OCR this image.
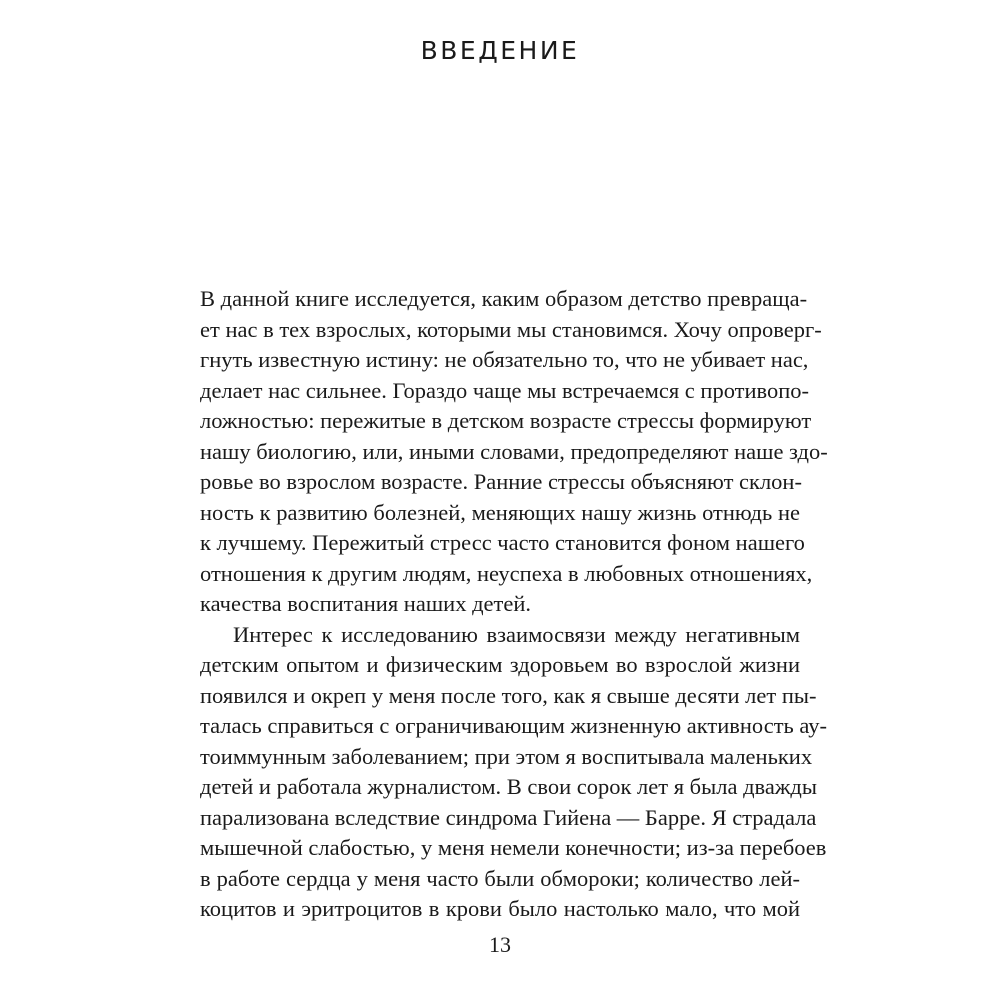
ВВЕДЕНИЕ
В данной книге исследуется, каким образом детство превраща-
ет нас в тех взрослых, которыми мы становимся. Хочу опроверг-
гнуть известную истину: не обязательно то, что не убивает нас,
делает нас сильнее. Гораздо чаще мы встречаемся с противопо-
ложностью: пережитые в детском возрасте стрессы формируют
нашу биологию, или, иными словами, предопределяют наше здо-
ровье во взрослом возрасте. Ранние стрессы объясняют склон-
ность к развитию болезней, меняющих нашу жизнь отнюдь не
к лучшему. Пережитый стресс часто становится фоном нашего
отношения к другим людям, неуспеха в любовных отношениях,
качества воспитания наших детей.
Интерес к исследованию взаимосвязи между негативным
детским опытом и физическим здоровьем во взрослой жизни
появился и окреп у меня после того, как я свыше десяти лет пы-
талась справиться с ограничивающим жизненную активность ау-
тоиммунным заболеванием; при этом я воспитывала маленьких
детей и работала журналистом. В свои сорок лет я была дважды
парализована вследствие синдрома Гийена — Барре. Я страдала
мышечной слабостью, у меня немели конечности; из-за перебоев
в работе сердца у меня часто были обмороки; количество лей-
коцитов и эритроцитов в крови было настолько мало, что мой
13
